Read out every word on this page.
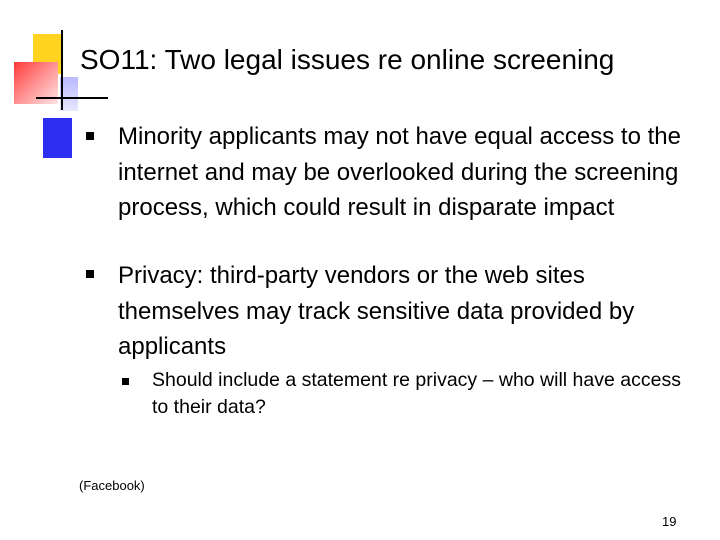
SO11: Two legal issues re online screening
Minority applicants may not have equal access to the internet and may be overlooked during the screening process, which could result in disparate impact
Privacy: third-party vendors or the web sites themselves may track sensitive data provided by applicants
Should include a statement re privacy – who will have access to their data?
(Facebook)
19
